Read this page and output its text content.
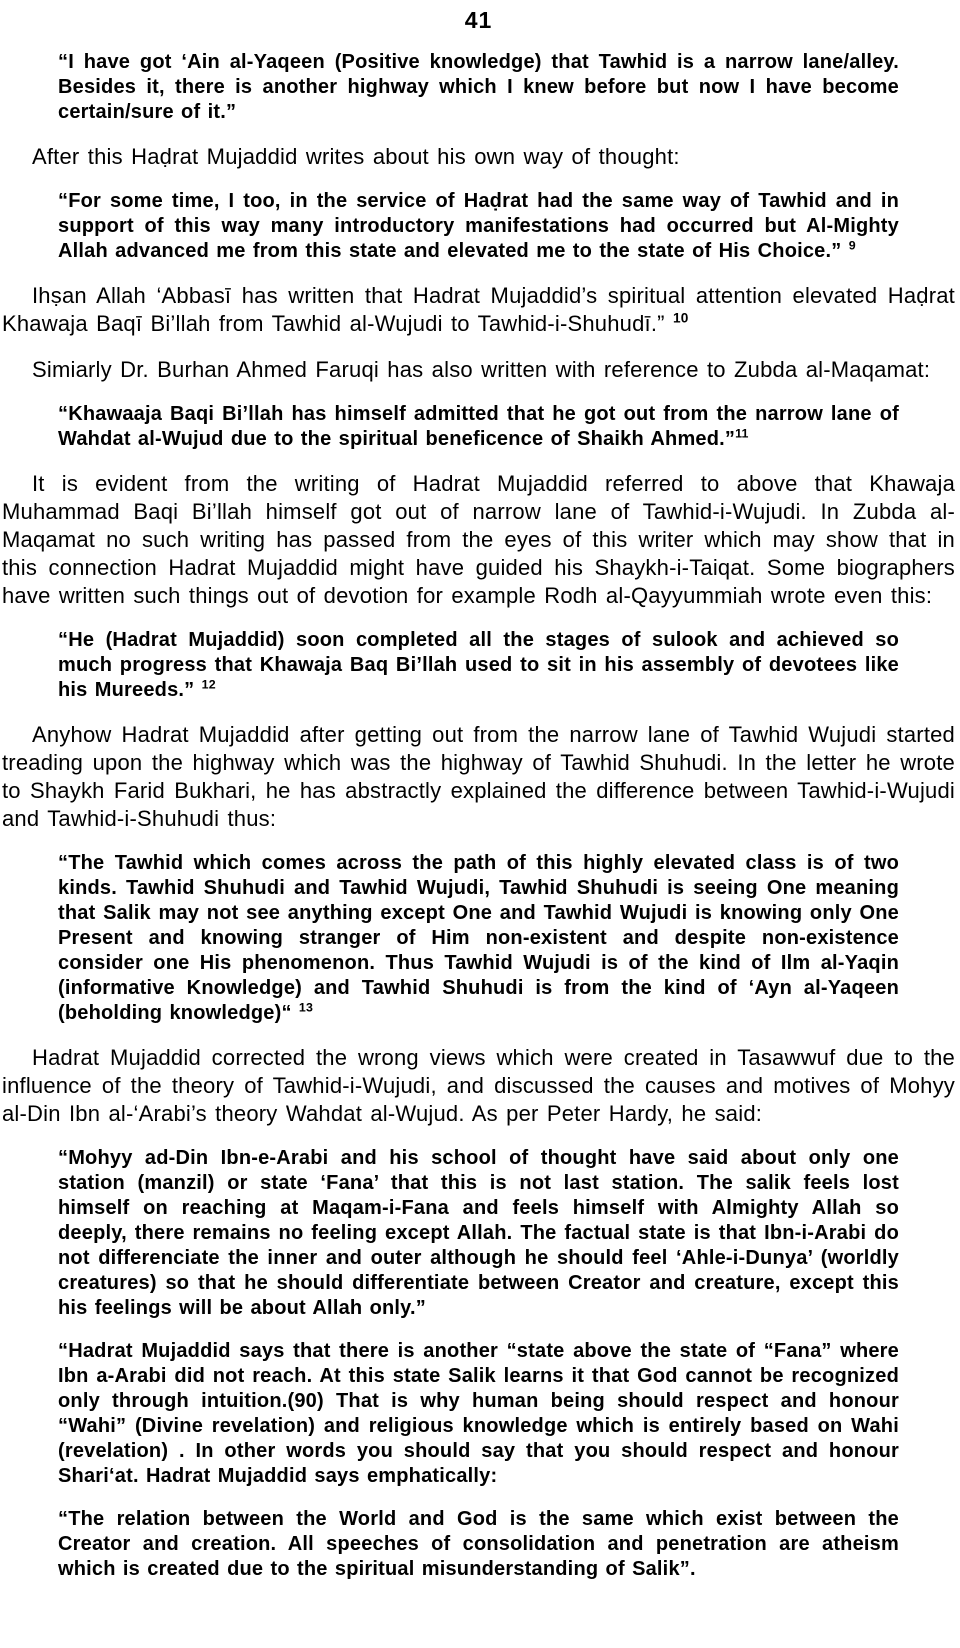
41
“I have got ‘Ain al-Yaqeen (Positive knowledge) that Tawhid is a narrow lane/alley. Besides it, there is another highway which I knew before but now I have become certain/sure of it.”
After this Haḍrat Mujaddid writes about his own way of thought:
“For some time, I too, in the service of Haḍrat had the same way of Tawhid and in support of this way many introductory manifestations had occurred but Al-Mighty Allah advanced me from this state and elevated me to the state of His Choice.” $^9$
Ihṣan Allah ‘Abbasī has written that Hadrat Mujaddid’s spiritual attention elevated Haḍrat Khawaja Baqī Bi’llah from Tawhid al-Wujudi to Tawhid-i-Shuhudī.” $^{10}$
Simiarly Dr. Burhan Ahmed Faruqi has also written with reference to Zubda al-Maqamat:
“Khawaaja Baqi Bi’llah has himself admitted that he got out from the narrow lane of Wahdat al-Wujud due to the spiritual beneficence of Shaikh Ahmed.”$^{11}$
It is evident from the writing of Hadrat Mujaddid referred to above that Khawaja Muhammad Baqi Bi’llah himself got out of narrow lane of Tawhid-i-Wujudi. In Zubda al-Maqamat no such writing has passed from the eyes of this writer which may show that in this connection Hadrat Mujaddid might have guided his Shaykh-i-Taiqat. Some biographers have written such things out of devotion for example Rodh al-Qayyummiah wrote even this:
“He (Hadrat Mujaddid) soon completed all the stages of sulook and achieved so much progress that Khawaja Baq Bi’llah used to sit in his assembly of devotees like his Mureeds.” $^{12}$
Anyhow Hadrat Mujaddid after getting out from the narrow lane of Tawhid Wujudi started treading upon the highway which was the highway of Tawhid Shuhudi. In the letter he wrote to Shaykh Farid Bukhari, he has abstractly explained the difference between Tawhid-i-Wujudi and Tawhid-i-Shuhudi thus:
“The Tawhid which comes across the path of this highly elevated class is of two kinds. Tawhid Shuhudi and Tawhid Wujudi, Tawhid Shuhudi is seeing One meaning that Salik may not see anything except One and Tawhid Wujudi is knowing only One Present and knowing stranger of Him non-existent and despite non-existence consider one His phenomenon. Thus Tawhid Wujudi is of the kind of Ilm al-Yaqin (informative Knowledge) and Tawhid Shuhudi is from the kind of ‘Ayn al-Yaqeen (beholding knowledge)“ $^{13}$
Hadrat Mujaddid corrected the wrong views which were created in Tasawwuf due to the influence of the theory of Tawhid-i-Wujudi, and discussed the causes and motives of Mohyy al-Din Ibn al-‘Arabi’s theory Wahdat al-Wujud. As per Peter Hardy, he said:
“Mohyy ad-Din Ibn-e-Arabi and his school of thought have said about only one station (manzil) or state ‘Fana’ that this is not last station. The salik feels lost himself on reaching at Maqam-i-Fana and feels himself with Almighty Allah so deeply, there remains no feeling except Allah. The factual state is that Ibn-i-Arabi do not differenciate the inner and outer although he should feel ‘Ahle-i-Dunya’ (worldly creatures) so that he should differentiate between Creator and creature, except this his feelings will be about Allah only.”
“Hadrat Mujaddid says that there is another “state above the state of “Fana” where Ibn a-Arabi did not reach. At this state Salik learns it that God cannot be recognized only through intuition.(90) That is why human being should respect and honour “Wahi” (Divine revelation) and religious knowledge which is entirely based on Wahi (revelation) . In other words you should say that you should respect and honour Shari‘at. Hadrat Mujaddid says emphatically:
“The relation between the World and God is the same which exist between the Creator and creation. All speeches of consolidation and penetration are atheism which is created due to the spiritual misunderstanding of Salik”.
